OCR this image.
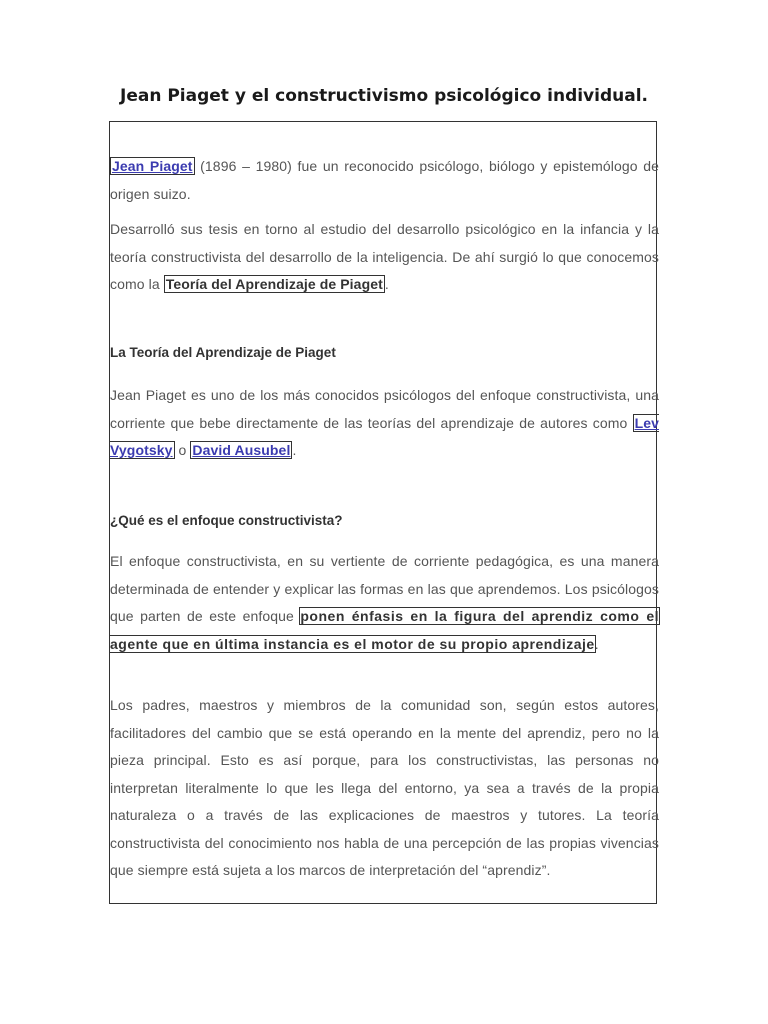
Jean Piaget y el constructivismo psicológico individual.

Jean Piaget (1896 – 1980) fue un reconocido psicólogo, biólogo y epistemólogo de origen suizo.

Desarrolló sus tesis en torno al estudio del desarrollo psicológico en la infancia y la teoría constructivista del desarrollo de la inteligencia. De ahí surgió lo que conocemos como la Teoría del Aprendizaje de Piaget .

La Teoría del Aprendizaje de Piaget

Jean Piaget es uno de los más conocidos psicólogos del enfoque constructivista, una corriente que bebe directamente de las teorías del aprendizaje de autores como Lev Vygotsky o David Ausubel .

¿Qué es el enfoque constructivista?

El enfoque constructivista, en su vertiente de corriente pedagógica, es una manera determinada de entender y explicar las formas en las que aprendemos. Los psicólogos que parten de este enfoque ponen énfasis en la figura del aprendiz como el agente que en última instancia es el motor de su propio aprendizaje.

Los padres, maestros y miembros de la comunidad son, según estos autores, facilitadores del cambio que se está operando en la mente del aprendiz, pero no la pieza principal. Esto es así porque, para los constructivistas, las personas no interpretan literalmente lo que les llega del entorno, ya sea a través de la propia naturaleza o a través de las explicaciones de maestros y tutores. La teoría constructivista del conocimiento nos habla de una percepción de las propias vivencias que siempre está sujeta a los marcos de interpretación del “aprendiz”.
